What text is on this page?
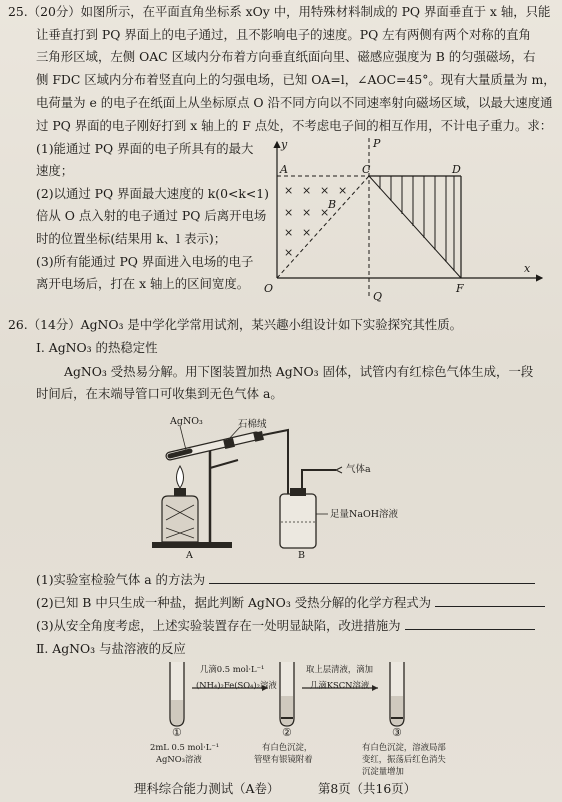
25.（20分）如图所示，在平面直角坐标系 xOy 中，用特殊材料制成的 PQ 界面垂直于 x 轴，只能
让垂直打到 PQ 界面上的电子通过，且不影响电子的速度。PQ 左有两侧有两个对称的直角
三角形区域，左侧 OAC 区域内分布着方向垂直纸面向里、磁感应强度为 B 的匀强磁场，右
侧 FDC 区域内分布着竖直向上的匀强电场，已知 OA=l，∠AOC=45°。现有大量质量为 m，
电荷量为 e 的电子在纸面上从坐标原点 O 沿不同方向以不同速率射向磁场区域，以最大速度通
过 PQ 界面的电子刚好打到 x 轴上的 F 点处，不考虑电子间的相互作用，不计电子重力。求：
(1)能通过 PQ 界面的电子所具有的最大
速度；
(2)以通过 PQ 界面最大速度的 k(0<k<1)
倍从 O 点入射的电子通过 PQ 后离开电场
时的位置坐标(结果用 k、l 表示)；
(3)所有能通过 PQ 界面进入电场的电子
离开电场后，打在 x 轴上的区间宽度。
× × × ×
× × ×
× ×
×
y
x
O
A
B
C	D
F
P
Q
26.（14分）AgNO₃ 是中学化学常用试剂，某兴趣小组设计如下实验探究其性质。
Ⅰ. AgNO₃ 的热稳定性
AgNO₃ 受热易分解。用下图装置加热 AgNO₃ 固体，试管内有红棕色气体生成，一段
时间后，在末端导管口可收集到无色气体 a。
AgNO₃	石棉绒
气体a
足量NaOH溶液
A	B
(1)实验室检验气体 a 的方法为
(2)已知 B 中只生成一种盐，据此判断 AgNO₃ 受热分解的化学方程式为
(3)从安全角度考虑，上述实验装置存在一处明显缺陷，改进措施为
Ⅱ. AgNO₃ 与盐溶液的反应
几滴0.5 mol·L⁻¹
(NH₄)₂Fe(SO₄)₂溶液
取上层清液，滴加
几滴KSCN溶液
①	②	③
2mL 0.5 mol·L⁻¹
AgNO₃溶液
有白色沉淀，
管壁有银镜附着
有白色沉淀，溶液局部
变红，振荡后红色消失
沉淀量增加
理科综合能力测试（A卷）	第8页（共16页）
